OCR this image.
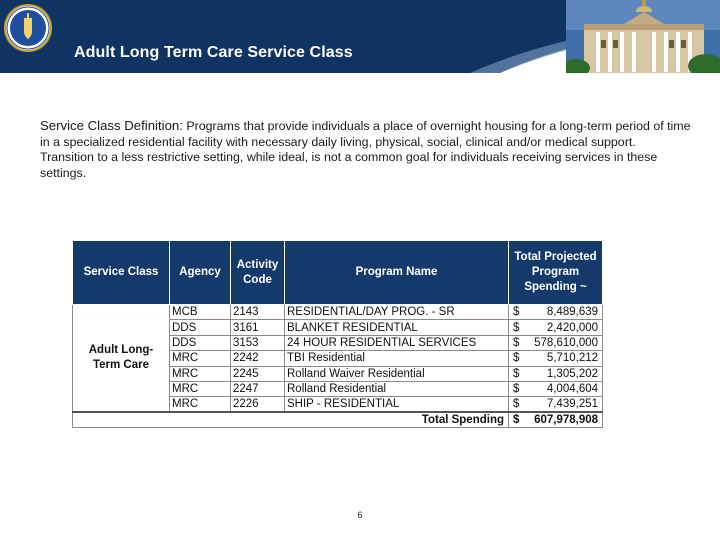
Adult Long Term Care Service Class
Service Class Definition: Programs that provide individuals a place of overnight housing for a long-term period of time in a specialized residential facility with necessary daily living, physical, social, clinical and/or medical support. Transition to a less restrictive setting, while ideal, is not a common goal for individuals receiving services in these settings.
Service Class	Agency	Activity Code	Program Name	Total Projected Program Spending ~	
Adult Long-Term Care	MCB	2143	RESIDENTIAL/DAY PROG. - SR	$	8,489,639
	DDS	3161	BLANKET RESIDENTIAL	$	2,420,000
	DDS	3153	24 HOUR RESIDENTIAL SERVICES	$	578,610,000
	MRC	2242	TBI Residential	$	5,710,212
	MRC	2245	Rolland Waiver Residential	$	1,305,202
	MRC	2247	Rolland Residential	$	4,004,604
	MRC	2226	SHIP - RESIDENTIAL	$	7,439,251
Total Spending				$	607,978,908
6
